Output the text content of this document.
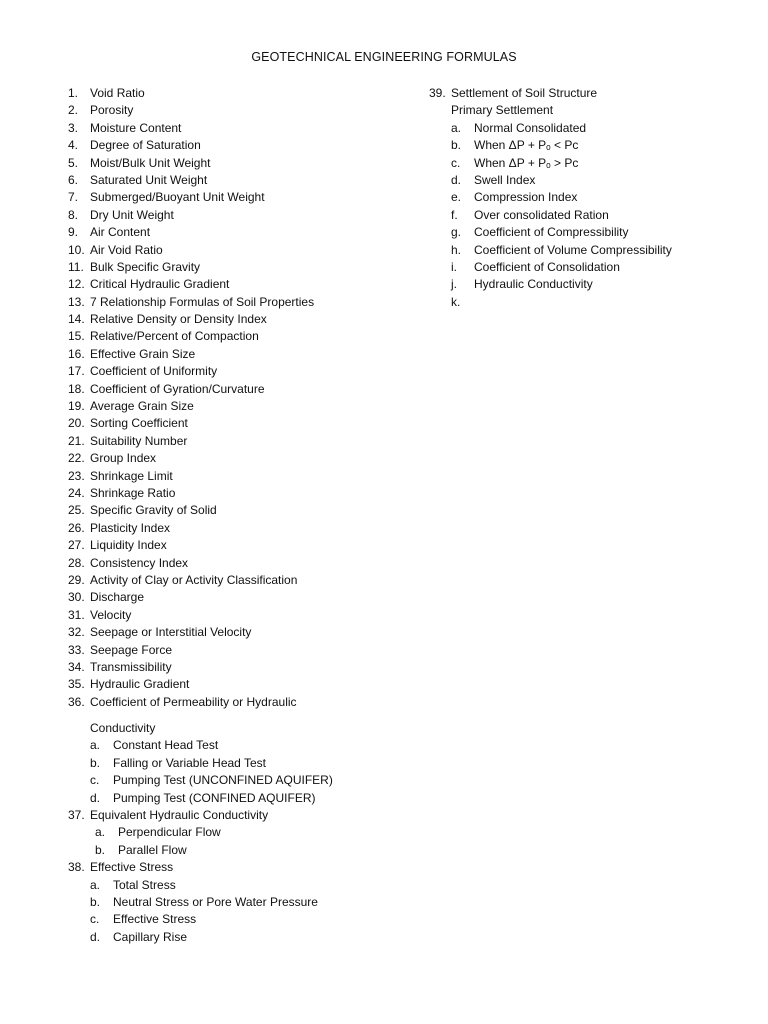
GEOTECHNICAL ENGINEERING FORMULAS
1. Void Ratio
2. Porosity
3. Moisture Content
4. Degree of Saturation
5. Moist/Bulk Unit Weight
6. Saturated Unit Weight
7. Submerged/Buoyant Unit Weight
8. Dry Unit Weight
9. Air Content
10. Air Void Ratio
11. Bulk Specific Gravity
12. Critical Hydraulic Gradient
13. 7 Relationship Formulas of Soil Properties
14. Relative Density or Density Index
15. Relative/Percent of Compaction
16. Effective Grain Size
17. Coefficient of Uniformity
18. Coefficient of Gyration/Curvature
19. Average Grain Size
20. Sorting Coefficient
21. Suitability Number
22. Group Index
23. Shrinkage Limit
24. Shrinkage Ratio
25. Specific Gravity of Solid
26. Plasticity Index
27. Liquidity Index
28. Consistency Index
29. Activity of Clay or Activity Classification
30. Discharge
31. Velocity
32. Seepage or Interstitial Velocity
33. Seepage Force
34. Transmissibility
35. Hydraulic Gradient
36. Coefficient of Permeability or Hydraulic
Conductivity
a.	Constant Head Test
b.	Falling or Variable Head Test
c.	Pumping Test (UNCONFINED AQUIFER)
d.	Pumping Test (CONFINED AQUIFER)
37. Equivalent Hydraulic Conductivity
a.	Perpendicular Flow
b.	Parallel Flow
38. Effective Stress
a.	Total Stress
b.	Neutral Stress or Pore Water Pressure
c.	Effective Stress
d.	Capillary Rise
39. Settlement of Soil Structure
Primary Settlement
a.	Normal Consolidated
b.	When ΔP + Pₒ < Pc
c.	When ΔP + Pₒ > Pc
d.	Swell Index
e.	Compression Index
f.	Over consolidated Ration
g.	Coefficient of Compressibility
h.	Coefficient of Volume Compressibility
i.	Coefficient of Consolidation
j.	Hydraulic Conductivity
k.
